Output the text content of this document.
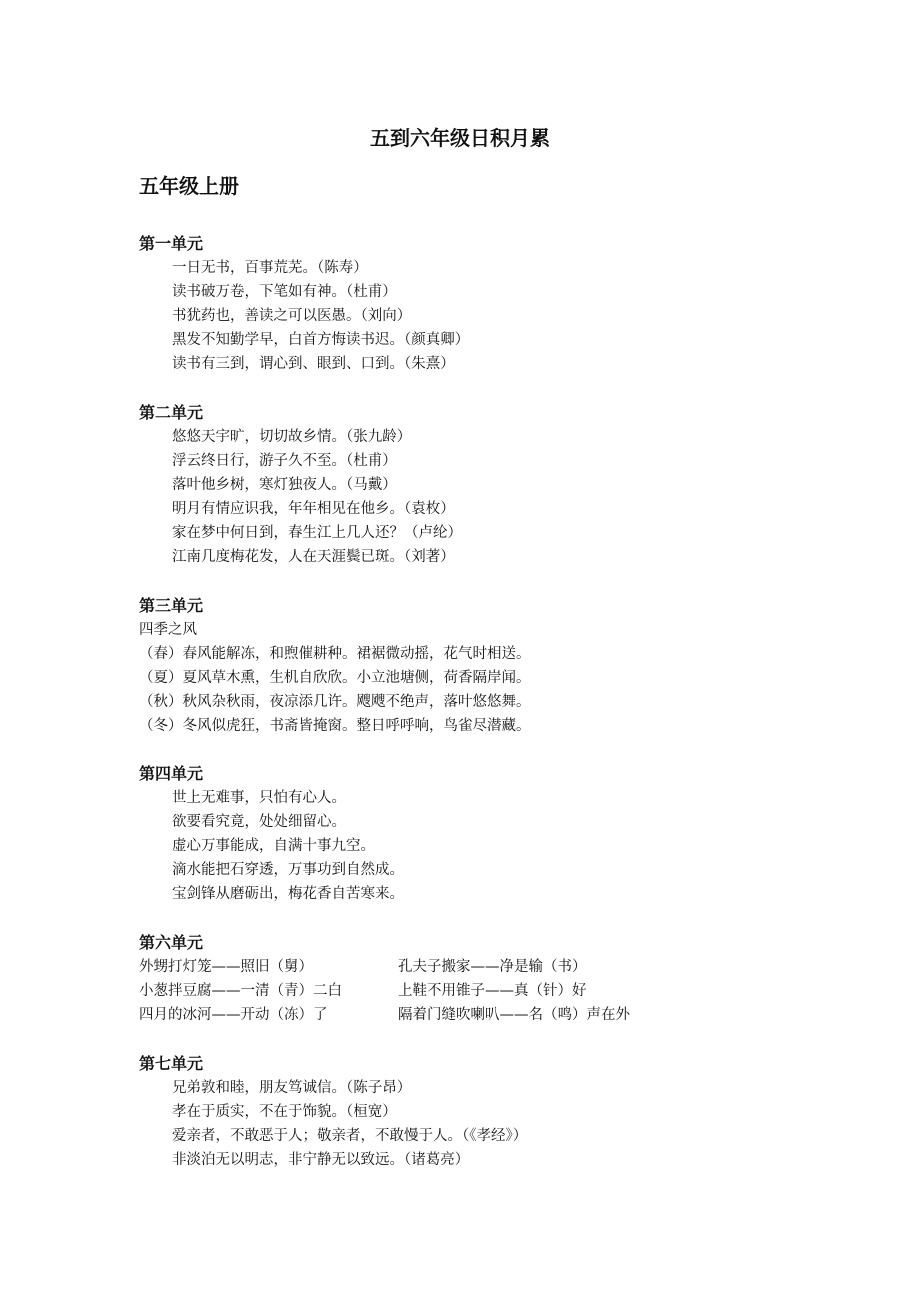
五到六年级日积月累
五年级上册
第一单元
一日无书，百事荒芜。（陈寿）
读书破万卷，下笔如有神。（杜甫）
书犹药也，善读之可以医愚。（刘向）
黑发不知勤学早，白首方悔读书迟。（颜真卿）
读书有三到，谓心到、眼到、口到。（朱熹）
第二单元
悠悠天宇旷，切切故乡情。（张九龄）
浮云终日行，游子久不至。（杜甫）
落叶他乡树，寒灯独夜人。（马戴）
明月有情应识我，年年相见在他乡。（袁枚）
家在梦中何日到，春生江上几人还？（卢纶）
江南几度梅花发，人在天涯鬓已斑。（刘著）
第三单元
四季之风
（春）春风能解冻，和煦催耕种。裙裾微动摇，花气时相送。
（夏）夏风草木熏，生机自欣欣。小立池塘侧，荷香隔岸闻。
（秋）秋风杂秋雨，夜凉添几许。飕飕不绝声，落叶悠悠舞。
（冬）冬风似虎狂，书斋皆掩窗。整日呼呼响，鸟雀尽潜藏。
第四单元
世上无难事，只怕有心人。
欲要看究竟，处处细留心。
虚心万事能成，自满十事九空。
滴水能把石穿透，万事功到自然成。
宝剑锋从磨砺出，梅花香自苦寒来。
第六单元
外甥打灯笼——照旧（舅）	孔夫子搬家——净是输（书）
小葱拌豆腐——一清（青）二白	上鞋不用锥子——真（针）好
四月的冰河——开动（冻）了	隔着门缝吹喇叭——名（鸣）声在外
第七单元
兄弟敦和睦，朋友笃诚信。（陈子昂）
孝在于质实，不在于饰貌。（桓宽）
爱亲者，不敢恶于人；敬亲者，不敢慢于人。（《孝经》）
非淡泊无以明志，非宁静无以致远。（诸葛亮）
